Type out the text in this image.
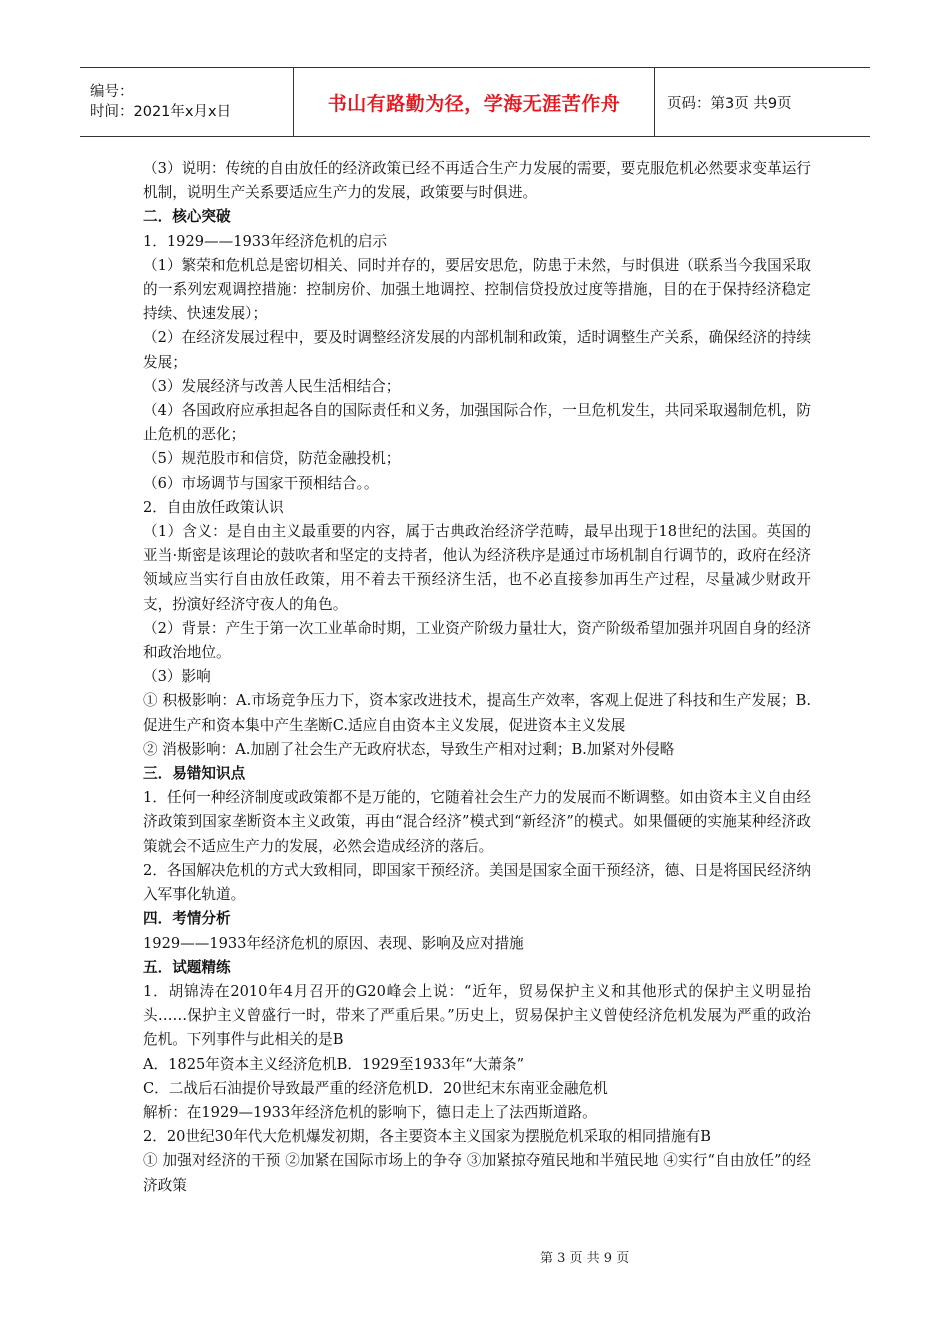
编号：
时间：2021年x月x日	书山有路勤为径，学海无涯苦作舟	页码：第3页 共9页

（3）说明：传统的自由放任的经济政策已经不再适合生产力发展的需要，要克服危机必然要求变革运行机制，说明生产关系要适应生产力的发展，政策要与时俱进。

二．核心突破

1．1929——1933年经济危机的启示

（1）繁荣和危机总是密切相关、同时并存的，要居安思危，防患于未然，与时俱进（联系当今我国采取的一系列宏观调控措施：控制房价、加强土地调控、控制信贷投放过度等措施，目的在于保持经济稳定持续、快速发展）；

（2）在经济发展过程中，要及时调整经济发展的内部机制和政策，适时调整生产关系，确保经济的持续发展；

（3）发展经济与改善人民生活相结合；

（4）各国政府应承担起各自的国际责任和义务，加强国际合作，一旦危机发生，共同采取遏制危机，防止危机的恶化；

（5）规范股市和信贷，防范金融投机；

（6）市场调节与国家干预相结合。。

2．自由放任政策认识

（1）含义：是自由主义最重要的内容，属于古典政治经济学范畴，最早出现于18世纪的法国。英国的亚当·斯密是该理论的鼓吹者和坚定的支持者，他认为经济秩序是通过市场机制自行调节的，政府在经济领域应当实行自由放任政策，用不着去干预经济生活，也不必直接参加再生产过程，尽量减少财政开支，扮演好经济守夜人的角色。

（2）背景：产生于第一次工业革命时期，工业资产阶级力量壮大，资产阶级希望加强并巩固自身的经济和政治地位。

（3）影响

① 积极影响：A.市场竞争压力下，资本家改进技术，提高生产效率，客观上促进了科技和生产发展；B.促进生产和资本集中产生垄断C.适应自由资本主义发展，促进资本主义发展

② 消极影响：A.加剧了社会生产无政府状态，导致生产相对过剩；B.加紧对外侵略

三．易错知识点

1．任何一种经济制度或政策都不是万能的，它随着社会生产力的发展而不断调整。如由资本主义自由经济政策到国家垄断资本主义政策，再由“混合经济”模式到“新经济”的模式。如果僵硬的实施某种经济政策就会不适应生产力的发展，必然会造成经济的落后。

2．各国解决危机的方式大致相同，即国家干预经济。美国是国家全面干预经济，德、日是将国民经济纳入军事化轨道。

四．考情分析

1929——1933年经济危机的原因、表现、影响及应对措施

五．试题精练

1．胡锦涛在2010年4月召开的G20峰会上说：“近年，贸易保护主义和其他形式的保护主义明显抬头……保护主义曾盛行一时，带来了严重后果。”历史上，贸易保护主义曾使经济危机发展为严重的政治危机。下列事件与此相关的是B

A．1825年资本主义经济危机B．1929至1933年“大萧条”

C．二战后石油提价导致最严重的经济危机D．20世纪末东南亚金融危机

解析：在1929—1933年经济危机的影响下，德日走上了法西斯道路。

2．20世纪30年代大危机爆发初期，各主要资本主义国家为摆脱危机采取的相同措施有B

① 加强对经济的干预 ②加紧在国际市场上的争夺 ③加紧掠夺殖民地和半殖民地 ④实行“自由放任”的经济政策

第 3 页 共 9 页
